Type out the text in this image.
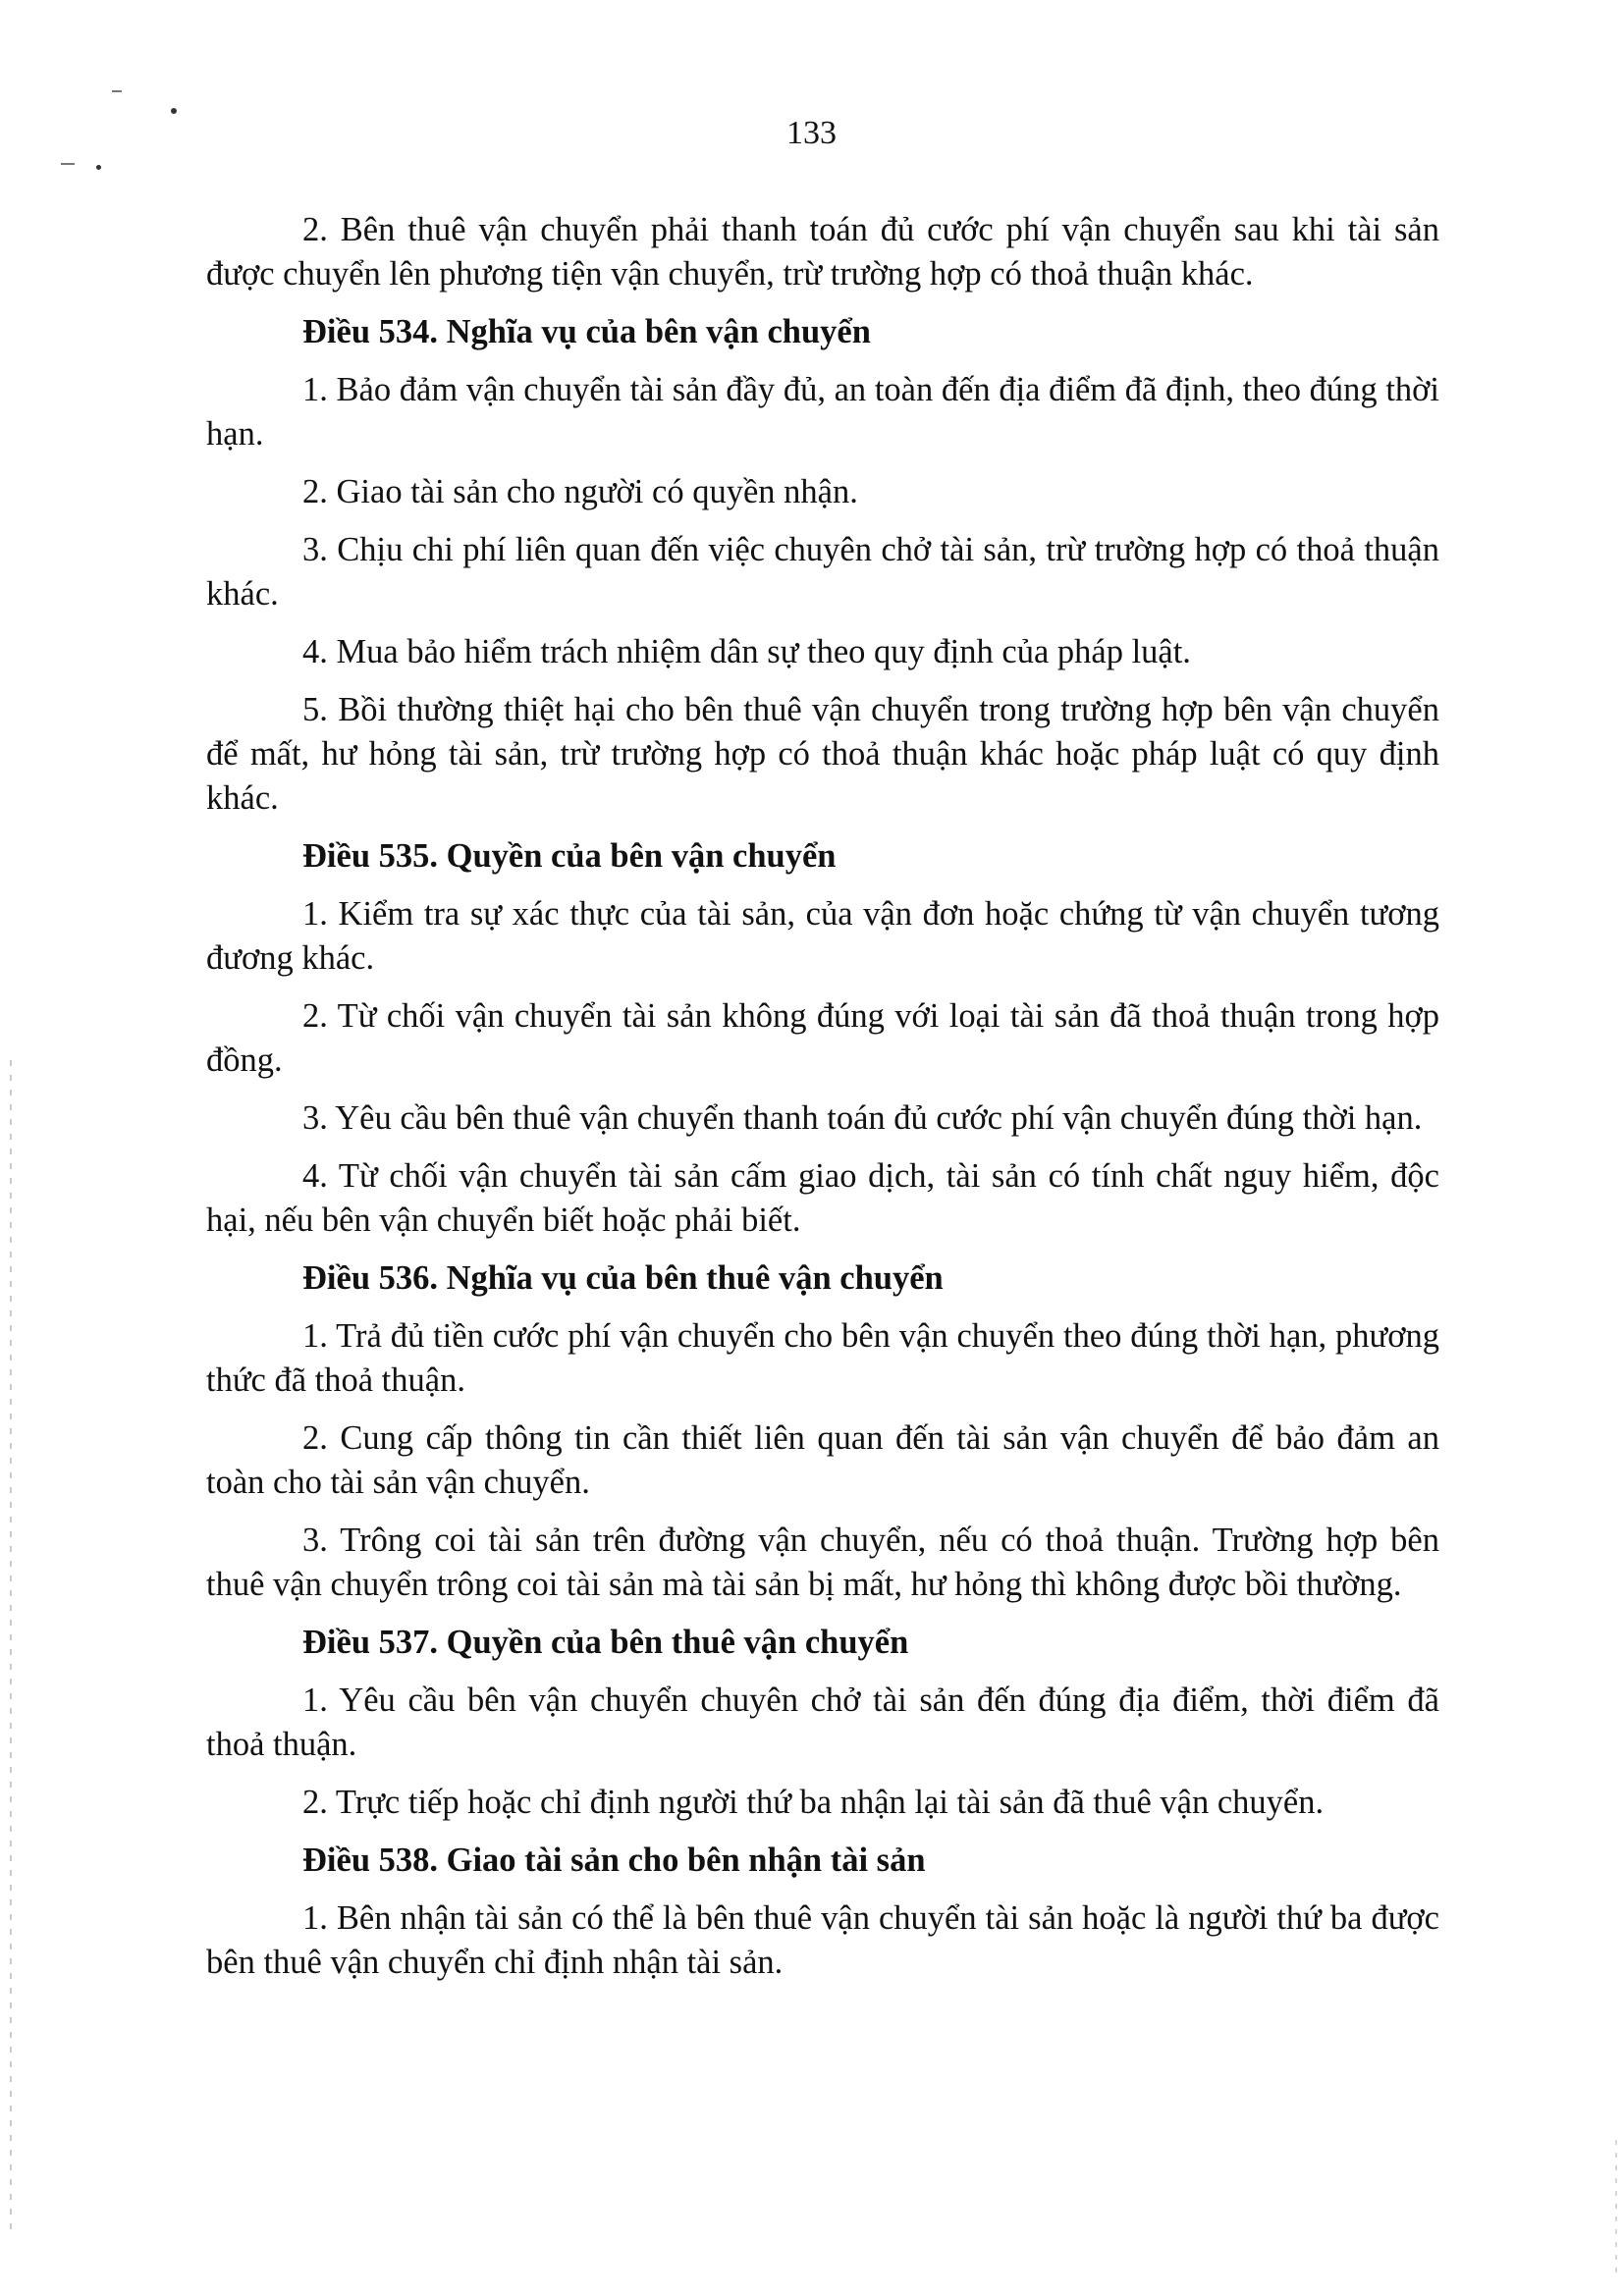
133

2. Bên thuê vận chuyển phải thanh toán đủ cước phí vận chuyển sau khi tài sản được chuyển lên phương tiện vận chuyển, trừ trường hợp có thoả thuận khác.

Điều 534. Nghĩa vụ của bên vận chuyển

1. Bảo đảm vận chuyển tài sản đầy đủ, an toàn đến địa điểm đã định, theo đúng thời hạn.

2. Giao tài sản cho người có quyền nhận.

3. Chịu chi phí liên quan đến việc chuyên chở tài sản, trừ trường hợp có thoả thuận khác.

4. Mua bảo hiểm trách nhiệm dân sự theo quy định của pháp luật.

5. Bồi thường thiệt hại cho bên thuê vận chuyển trong trường hợp bên vận chuyển để mất, hư hỏng tài sản, trừ trường hợp có thoả thuận khác hoặc pháp luật có quy định khác.

Điều 535. Quyền của bên vận chuyển

1. Kiểm tra sự xác thực của tài sản, của vận đơn hoặc chứng từ vận chuyển tương đương khác.

2. Từ chối vận chuyển tài sản không đúng với loại tài sản đã thoả thuận trong hợp đồng.

3. Yêu cầu bên thuê vận chuyển thanh toán đủ cước phí vận chuyển đúng thời hạn.

4. Từ chối vận chuyển tài sản cấm giao dịch, tài sản có tính chất nguy hiểm, độc hại, nếu bên vận chuyển biết hoặc phải biết.

Điều 536. Nghĩa vụ của bên thuê vận chuyển

1. Trả đủ tiền cước phí vận chuyển cho bên vận chuyển theo đúng thời hạn, phương thức đã thoả thuận.

2. Cung cấp thông tin cần thiết liên quan đến tài sản vận chuyển để bảo đảm an toàn cho tài sản vận chuyển.

3. Trông coi tài sản trên đường vận chuyển, nếu có thoả thuận. Trường hợp bên thuê vận chuyển trông coi tài sản mà tài sản bị mất, hư hỏng thì không được bồi thường.

Điều 537. Quyền của bên thuê vận chuyển

1. Yêu cầu bên vận chuyển chuyên chở tài sản đến đúng địa điểm, thời điểm đã thoả thuận.

2. Trực tiếp hoặc chỉ định người thứ ba nhận lại tài sản đã thuê vận chuyển.

Điều 538. Giao tài sản cho bên nhận tài sản

1. Bên nhận tài sản có thể là bên thuê vận chuyển tài sản hoặc là người thứ ba được bên thuê vận chuyển chỉ định nhận tài sản.
